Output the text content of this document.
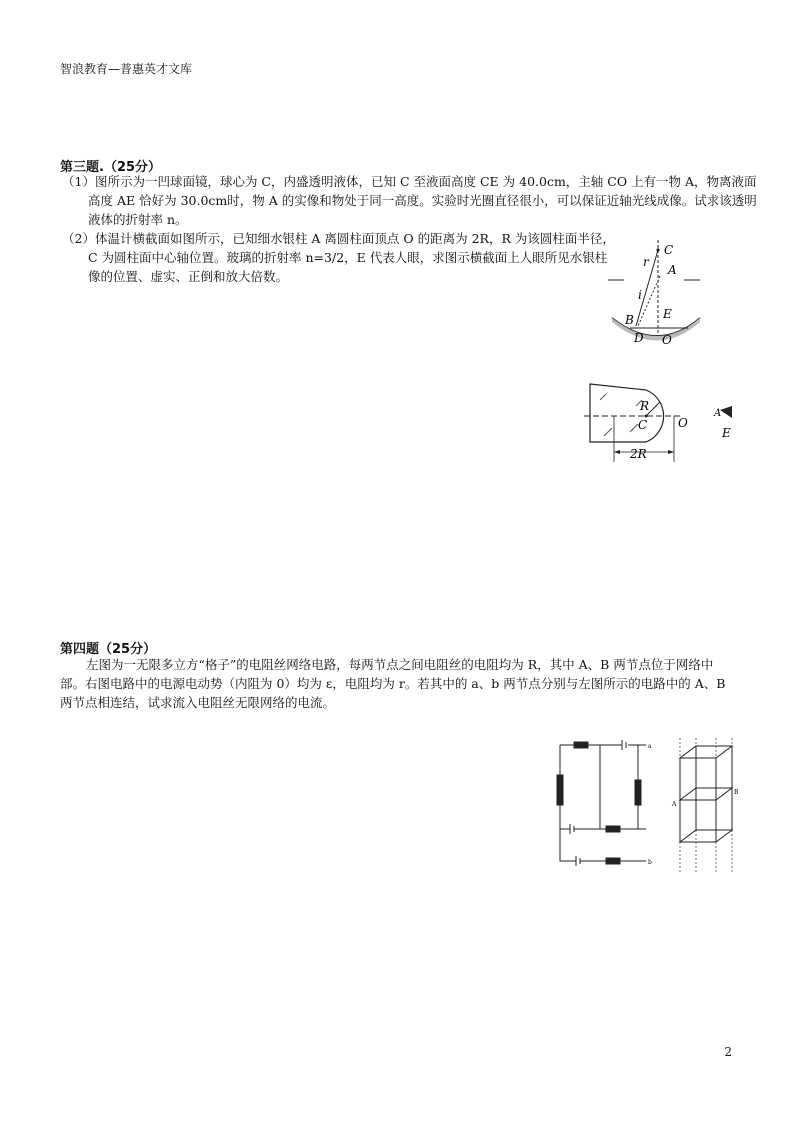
智浪教育—普惠英才文库
第三题.（25分）
（1）图所示为一凹球面镜，球心为 C，内盛透明液体，已知 C 至液面高度 CE 为 40.0cm，主轴 CO 上有一物 A，物离液面高度 AE 恰好为 30.0cm时，物 A 的实像和物处于同一高度。实验时光圈直径很小，可以保证近轴光线成像。试求该透明液体的折射率 n。
（2）体温计横截面如图所示，已知细水银柱 A 离圆柱面顶点 O 的距离为 2R，R 为该圆柱面半径，C 为圆柱面中心轴位置。玻璃的折射率 n=3/2，E 代表人眼，求图示横截面上人眼所见水银柱像的位置、虚实、正倒和放大倍数。
C
r
A
i
E
B
D O
R
C	O
A
E
2R
第四题（25分）
左图为一无限多立方“格子”的电阻丝网络电路，每两节点之间电阻丝的电阻均为 R，其中 A、B 两节点位于网络中部。右图电路中的电源电动势（内阻为 0）均为 ε，电阻均为 r。若其中的 a、b 两节点分别与左图所示的电路中的 A、B 两节点相连结，试求流入电阻丝无限网络的电流。
a
b
A
B
2
